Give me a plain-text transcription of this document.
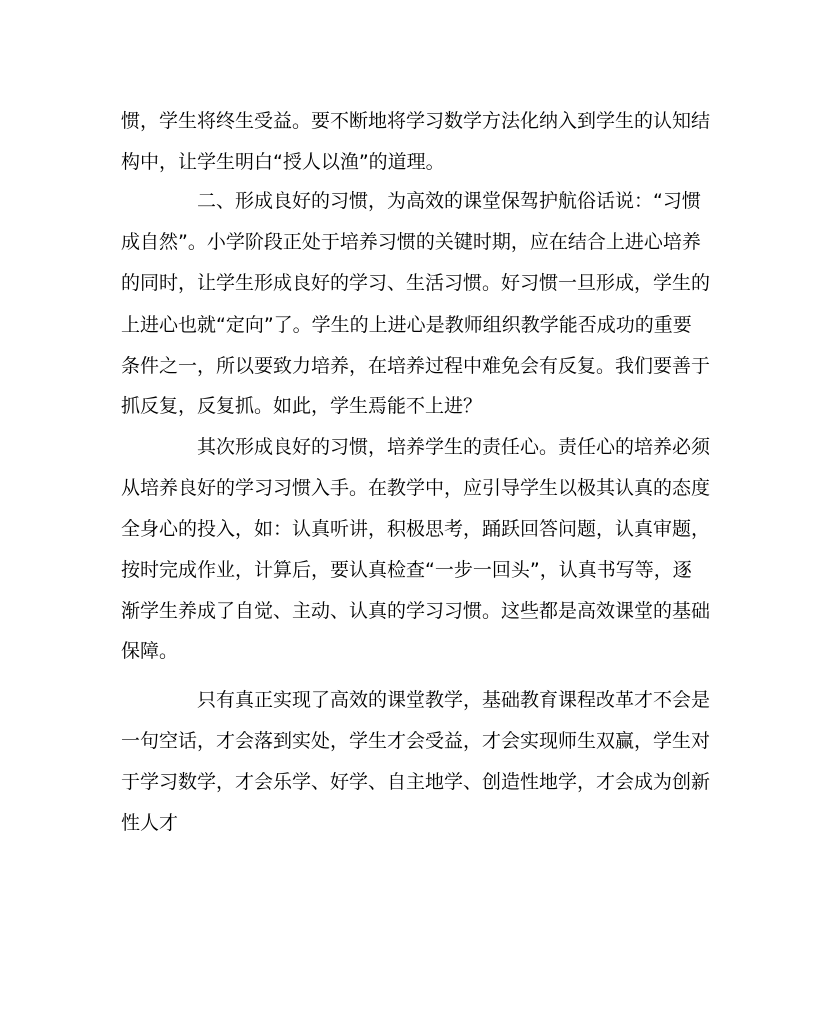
惯，学生将终生受益。要不断地将学习数学方法化纳入到学生的认知结
构中，让学生明白“授人以渔”的道理。
二、形成良好的习惯，为高效的课堂保驾护航俗话说：“习惯
成自然”。小学阶段正处于培养习惯的关键时期，应在结合上进心培养
的同时，让学生形成良好的学习、生活习惯。好习惯一旦形成，学生的
上进心也就“定向”了。学生的上进心是教师组织教学能否成功的重要
条件之一，所以要致力培养，在培养过程中难免会有反复。我们要善于
抓反复，反复抓。如此，学生焉能不上进？
其次形成良好的习惯，培养学生的责任心。责任心的培养必须
从培养良好的学习习惯入手。在教学中，应引导学生以极其认真的态度
全身心的投入，如：认真听讲，积极思考，踊跃回答问题，认真审题，
按时完成作业，计算后，要认真检查“一步一回头”，认真书写等，逐
渐学生养成了自觉、主动、认真的学习习惯。这些都是高效课堂的基础
保障。
只有真正实现了高效的课堂教学，基础教育课程改革才不会是
一句空话，才会落到实处，学生才会受益，才会实现师生双赢，学生对
于学习数学，才会乐学、好学、自主地学、创造性地学，才会成为创新
性人才
